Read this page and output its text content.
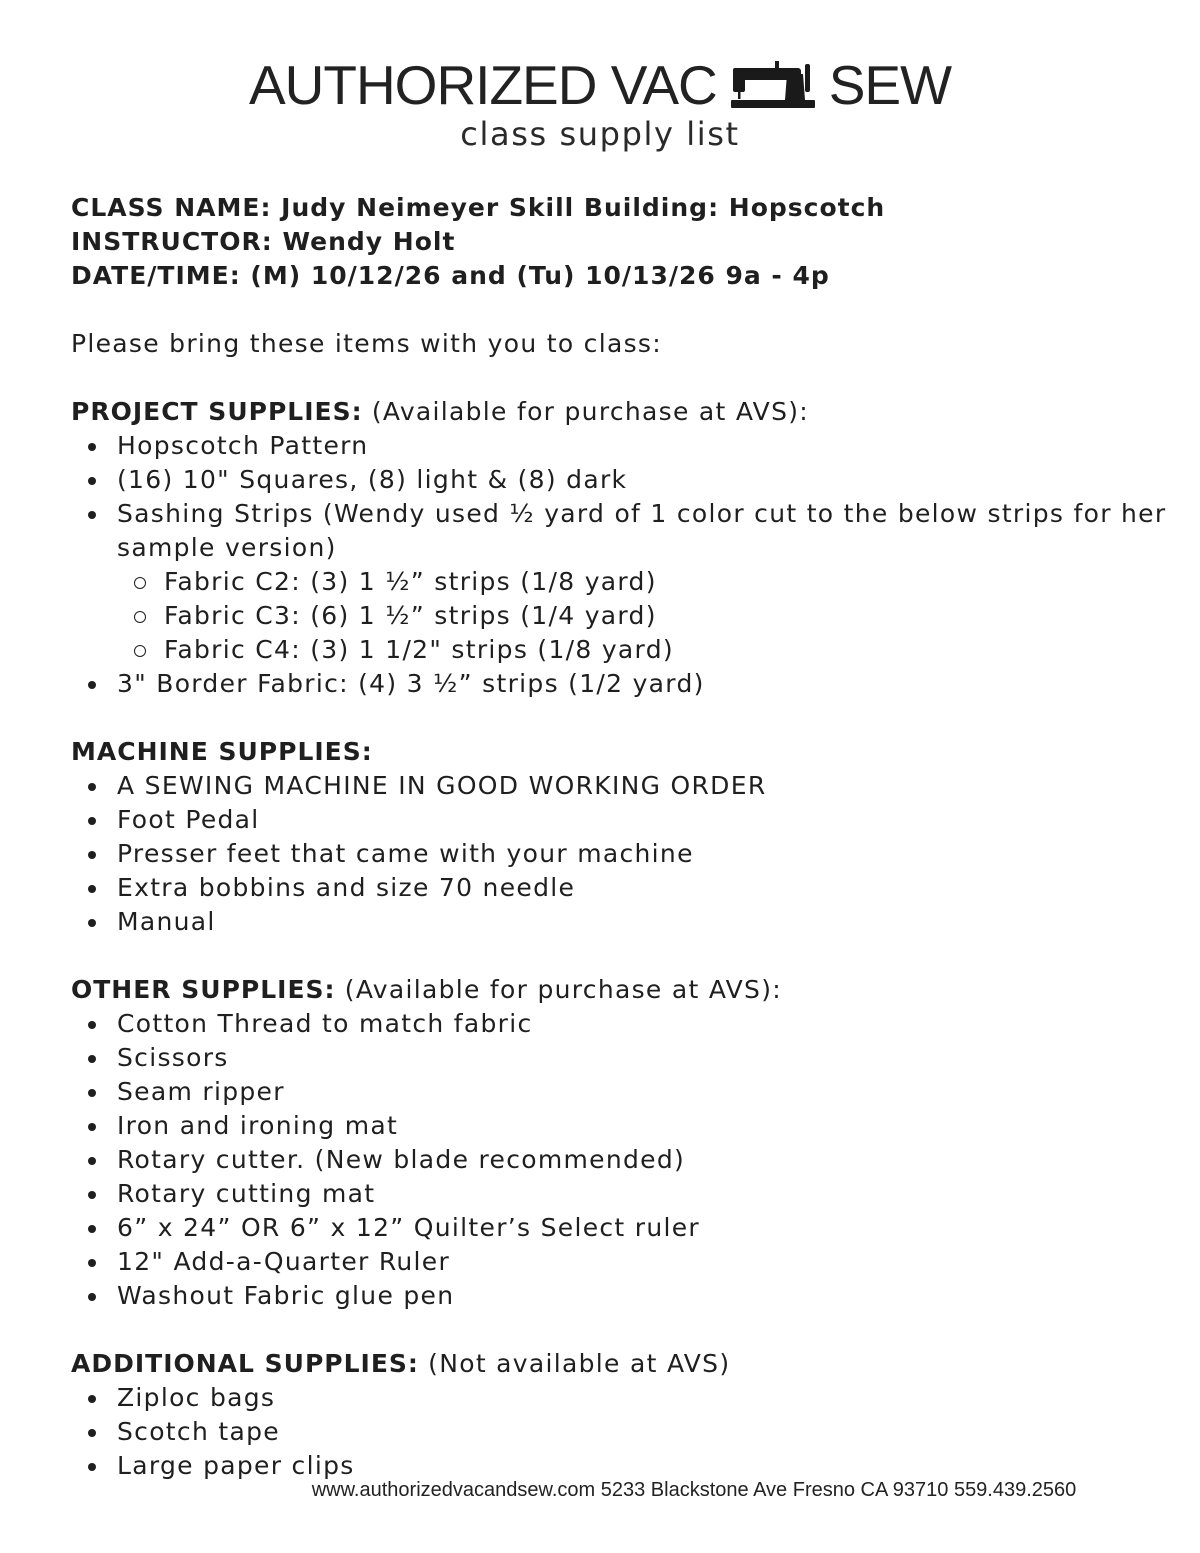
AUTHORIZED VAC SEW
class supply list
CLASS NAME: Judy Neimeyer Skill Building: Hopscotch
INSTRUCTOR: Wendy Holt
DATE/TIME: (M) 10/12/26 and (Tu) 10/13/26 9a - 4p
Please bring these items with you to class:
PROJECT SUPPLIES: (Available for purchase at AVS):
Hopscotch Pattern
(16) 10" Squares, (8) light & (8) dark
Sashing Strips (Wendy used ½ yard of 1 color cut to the below strips for her sample version)
Fabric C2: (3) 1 ½” strips (1/8 yard)
Fabric C3: (6) 1 ½” strips (1/4 yard)
Fabric C4: (3) 1 1/2" strips (1/8 yard)
3" Border Fabric: (4) 3 ½” strips (1/2 yard)
MACHINE SUPPLIES:
A SEWING MACHINE IN GOOD WORKING ORDER
Foot Pedal
Presser feet that came with your machine
Extra bobbins and size 70 needle
Manual
OTHER SUPPLIES: (Available for purchase at AVS):
Cotton Thread to match fabric
Scissors
Seam ripper
Iron and ironing mat
Rotary cutter. (New blade recommended)
Rotary cutting mat
6” x 24” OR 6” x 12” Quilter’s Select ruler
12" Add-a-Quarter Ruler
Washout Fabric glue pen
ADDITIONAL SUPPLIES: (Not available at AVS)
Ziploc bags
Scotch tape
Large paper clips
www.authorizedvacandsew.com 5233 Blackstone Ave Fresno CA 93710 559.439.2560
